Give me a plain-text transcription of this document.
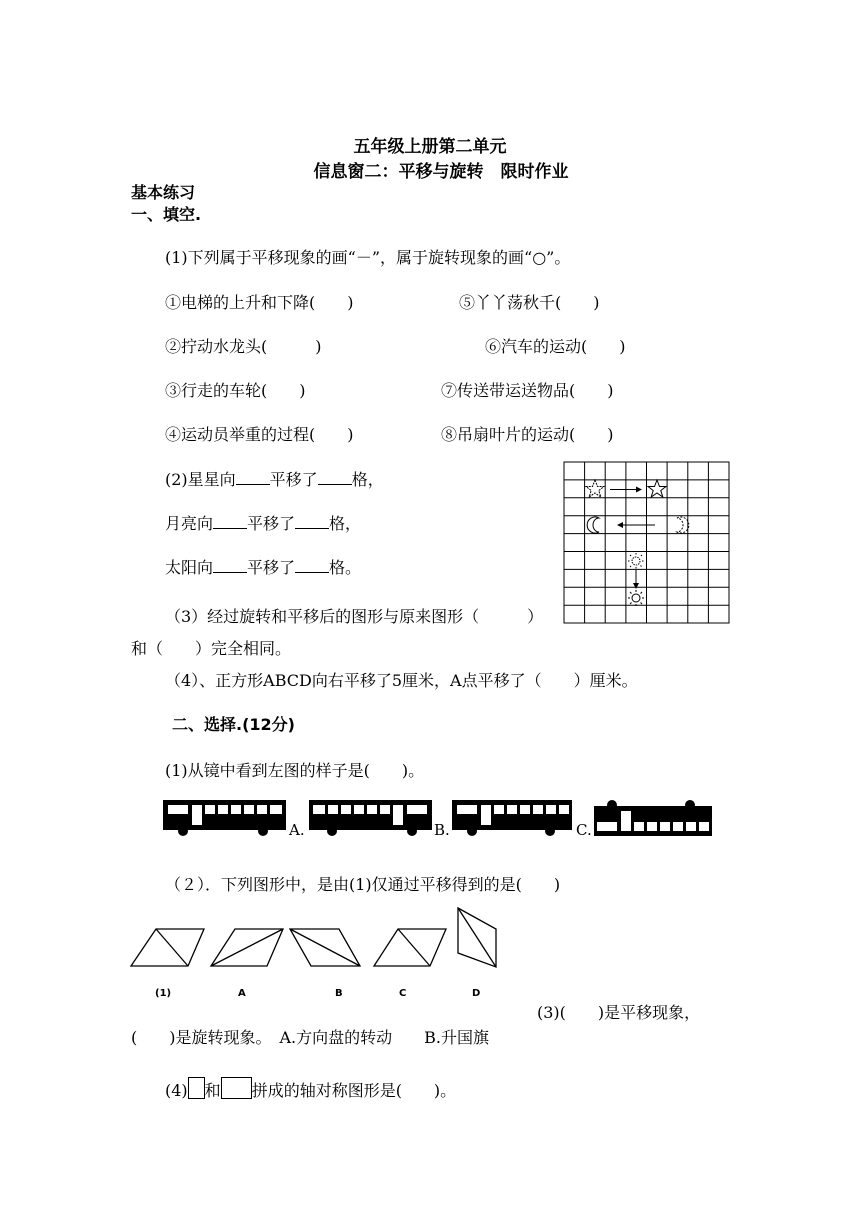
五年级上册第二单元
信息窗二：平移与旋转　限时作业
基本练习
一、填空.
(1)下列属于平移现象的画“－”，属于旋转现象的画“○”。
①电梯的上升和下降(　　)	⑤丫丫荡秋千(　　)
②拧动水龙头(　　　)	⑥汽车的运动(　　)
③行走的车轮(　　)	⑦传送带运送物品(　　)
④运动员举重的过程(　　)	⑧吊扇叶片的运动(　　)
(2)星星向 平移了 格，
月亮向 平移了 格，
太阳向 平移了 格。
（3）经过旋转和平移后的图形与原来图形（　　　）
和（　　）完全相同。
（4）、正方形ABCD向右平移了5厘米，A点平移了（　　）厘米。
二、选择.(12分)
(1)从镜中看到左图的样子是(　　)。
A.	B.	C.
（２）．下列图形中，是由(1)仅通过平移得到的是(　　)
(1)	A	B	C	D
(3)(　　)是平移现象，
(　　)是旋转现象。　A.方向盘的转动　　B.升国旗
(4) 和 拼成的轴对称图形是(　　)。
